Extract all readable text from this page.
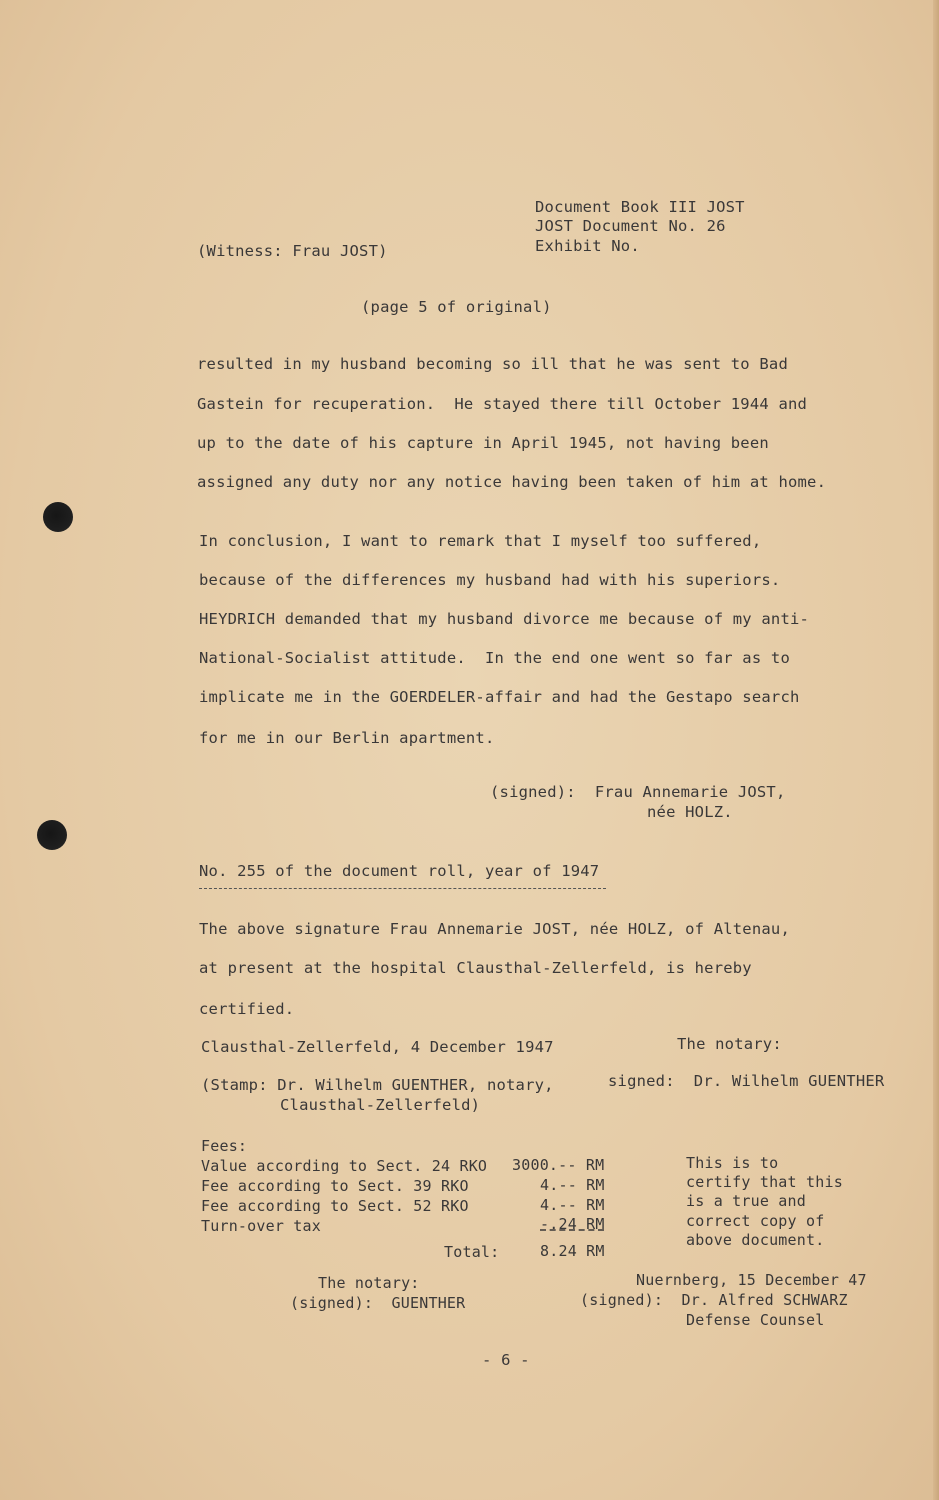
Document Book III JOST
JOST Document No. 26
Exhibit No.
(Witness: Frau JOST)
(page 5 of original)
resulted in my husband becoming so ill that he was sent to Bad
Gastein for recuperation.  He stayed there till October 1944 and
up to the date of his capture in April 1945, not having been
assigned any duty nor any notice having been taken of him at home.
In conclusion, I want to remark that I myself too suffered,
because of the differences my husband had with his superiors.
HEYDRICH demanded that my husband divorce me because of my anti-
National-Socialist attitude.  In the end one went so far as to
implicate me in the GOERDELER-affair and had the Gestapo search
for me in our Berlin apartment.
(signed):  Frau Annemarie JOST,
née HOLZ.
No. 255 of the document roll, year of 1947
The above signature Frau Annemarie JOST, née HOLZ, of Altenau,
at present at the hospital Clausthal-Zellerfeld, is hereby
certified.
Clausthal-Zellerfeld, 4 December 1947	The notary:
(Stamp: Dr. Wilhelm GUENTHER, notary,
Clausthal-Zellerfeld)
signed:  Dr. Wilhelm GUENTHER
Fees:
Value according to Sect. 24 RKO 3000.-- RM
Fee according to Sect. 39 RKO	4.-- RM
Fee according to Sect. 52 RKO	4.-- RM
Turn-over tax	-.24 RM
Total:	8.24 RM
This is to
certify that this
is a true and
correct copy of
above document.
The notary:
(signed):  GUENTHER
Nuernberg, 15 December 47
(signed):  Dr. Alfred SCHWARZ
Defense Counsel
- 6 -
